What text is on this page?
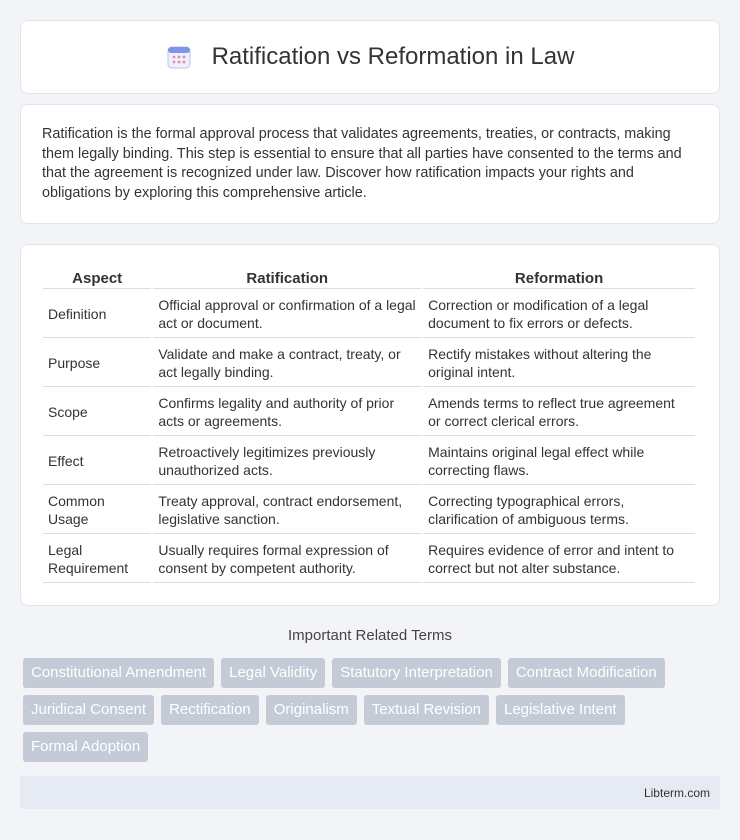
Ratification vs Reformation in Law

Ratification is the formal approval process that validates agreements, treaties, or contracts, making them legally binding. This step is essential to ensure that all parties have consented to the terms and that the agreement is recognized under law. Discover how ratification impacts your rights and obligations by exploring this comprehensive article.

Aspect	Ratification	Reformation
Definition	Official approval or confirmation of a legal act or document.	Correction or modification of a legal document to fix errors or defects.
Purpose	Validate and make a contract, treaty, or act legally binding.	Rectify mistakes without altering the original intent.
Scope	Confirms legality and authority of prior acts or agreements.	Amends terms to reflect true agreement or correct clerical errors.
Effect	Retroactively legitimizes previously unauthorized acts.	Maintains original legal effect while correcting flaws.
Common Usage	Treaty approval, contract endorsement, legislative sanction.	Correcting typographical errors, clarification of ambiguous terms.
Legal Requirement	Usually requires formal expression of consent by competent authority.	Requires evidence of error and intent to correct but not alter substance.
Important Related Terms
Constitutional Amendment	Legal Validity	Statutory Interpretation	Contract Modification
Juridical Consent	Rectification	Originalism	Textual Revision	Legislative Intent
Formal Adoption
Libterm.com
